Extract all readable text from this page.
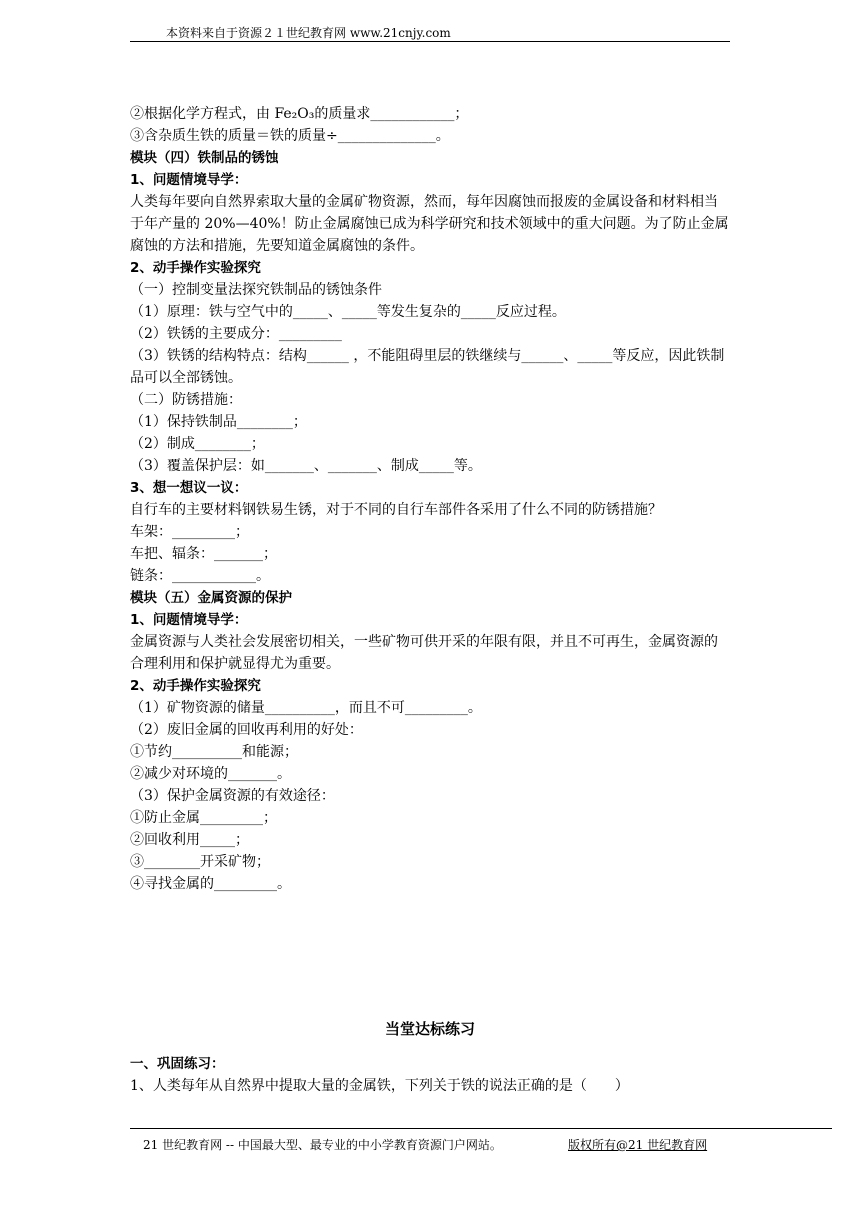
本资料来自于资源２１世纪教育网 www.21cnjy.com
②根据化学方程式，由 Fe₂O₃的质量求____________；
③含杂质生铁的质量＝铁的质量÷______________。
模块（四）铁制品的锈蚀
1、问题情境导学：
人类每年要向自然界索取大量的金属矿物资源，然而，每年因腐蚀而报废的金属设备和材料相当于年产量的 20%—40%！防止金属腐蚀已成为科学研究和技术领域中的重大问题。为了防止金属腐蚀的方法和措施，先要知道金属腐蚀的条件。
2、动手操作实验探究
（一）控制变量法探究铁制品的锈蚀条件
（1）原理：铁与空气中的_____、_____等发生复杂的_____反应过程。
（2）铁锈的主要成分：_________
（3）铁锈的结构特点：结构______ ，不能阻碍里层的铁继续与______、_____等反应，因此铁制品可以全部锈蚀。
（二）防锈措施：
（1）保持铁制品________；
（2）制成________；
（3）覆盖保护层：如_______、_______、制成_____等。
3、想一想议一议：
自行车的主要材料钢铁易生锈，对于不同的自行车部件各采用了什么不同的防锈措施？
车架：_________；
车把、辐条：_______；
链条：____________。
模块（五）金属资源的保护
1、问题情境导学：
金属资源与人类社会发展密切相关，一些矿物可供开采的年限有限，并且不可再生，金属资源的合理利用和保护就显得尤为重要。
2、动手操作实验探究
（1）矿物资源的储量__________，而且不可_________。
（2）废旧金属的回收再利用的好处：
①节约__________和能源；
②减少对环境的_______。
（3）保护金属资源的有效途径：
①防止金属_________；
②回收利用_____；
③________开采矿物；
④寻找金属的_________。
当堂达标练习
一、巩固练习：
1、人类每年从自然界中提取大量的金属铁，下列关于铁的说法正确的是（　　）
21 世纪教育网 -- 中国最大型、最专业的中小学教育资源门户网站。	版权所有@21 世纪教育网
